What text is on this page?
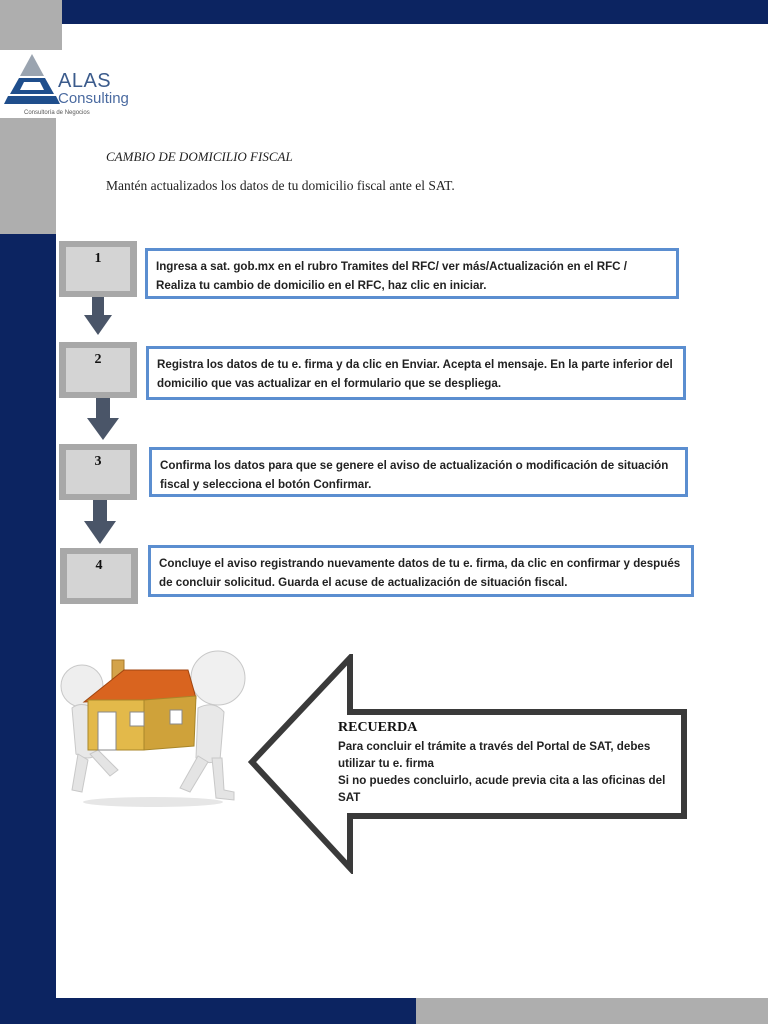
ALAS
Consulting
Consultoría de Negocios
CAMBIO DE DOMICILIO FISCAL
Mantén actualizados los datos de tu domicilio fiscal ante el SAT.
1
Ingresa a sat. gob.mx en el rubro Tramites del RFC/ ver más/Actualización en el RFC / Realiza tu cambio de domicilio en el RFC, haz clic en iniciar.
2	Registra los datos de tu e. firma y da clic en Enviar. Acepta el mensaje. En la parte inferior del domicilio que vas actualizar en el formulario que se despliega.
3	Confirma los datos para que se genere el aviso de actualización o modificación de situación fiscal y selecciona el botón Confirmar.
4	Concluye el aviso registrando nuevamente datos de tu e. firma, da clic en confirmar y después de concluir solicitud. Guarda el acuse de actualización de situación fiscal.
RECUERDA
Para concluir el trámite a través del Portal de SAT, debes utilizar tu e. firma
Si no puedes concluirlo, acude previa cita a las oficinas del SAT
